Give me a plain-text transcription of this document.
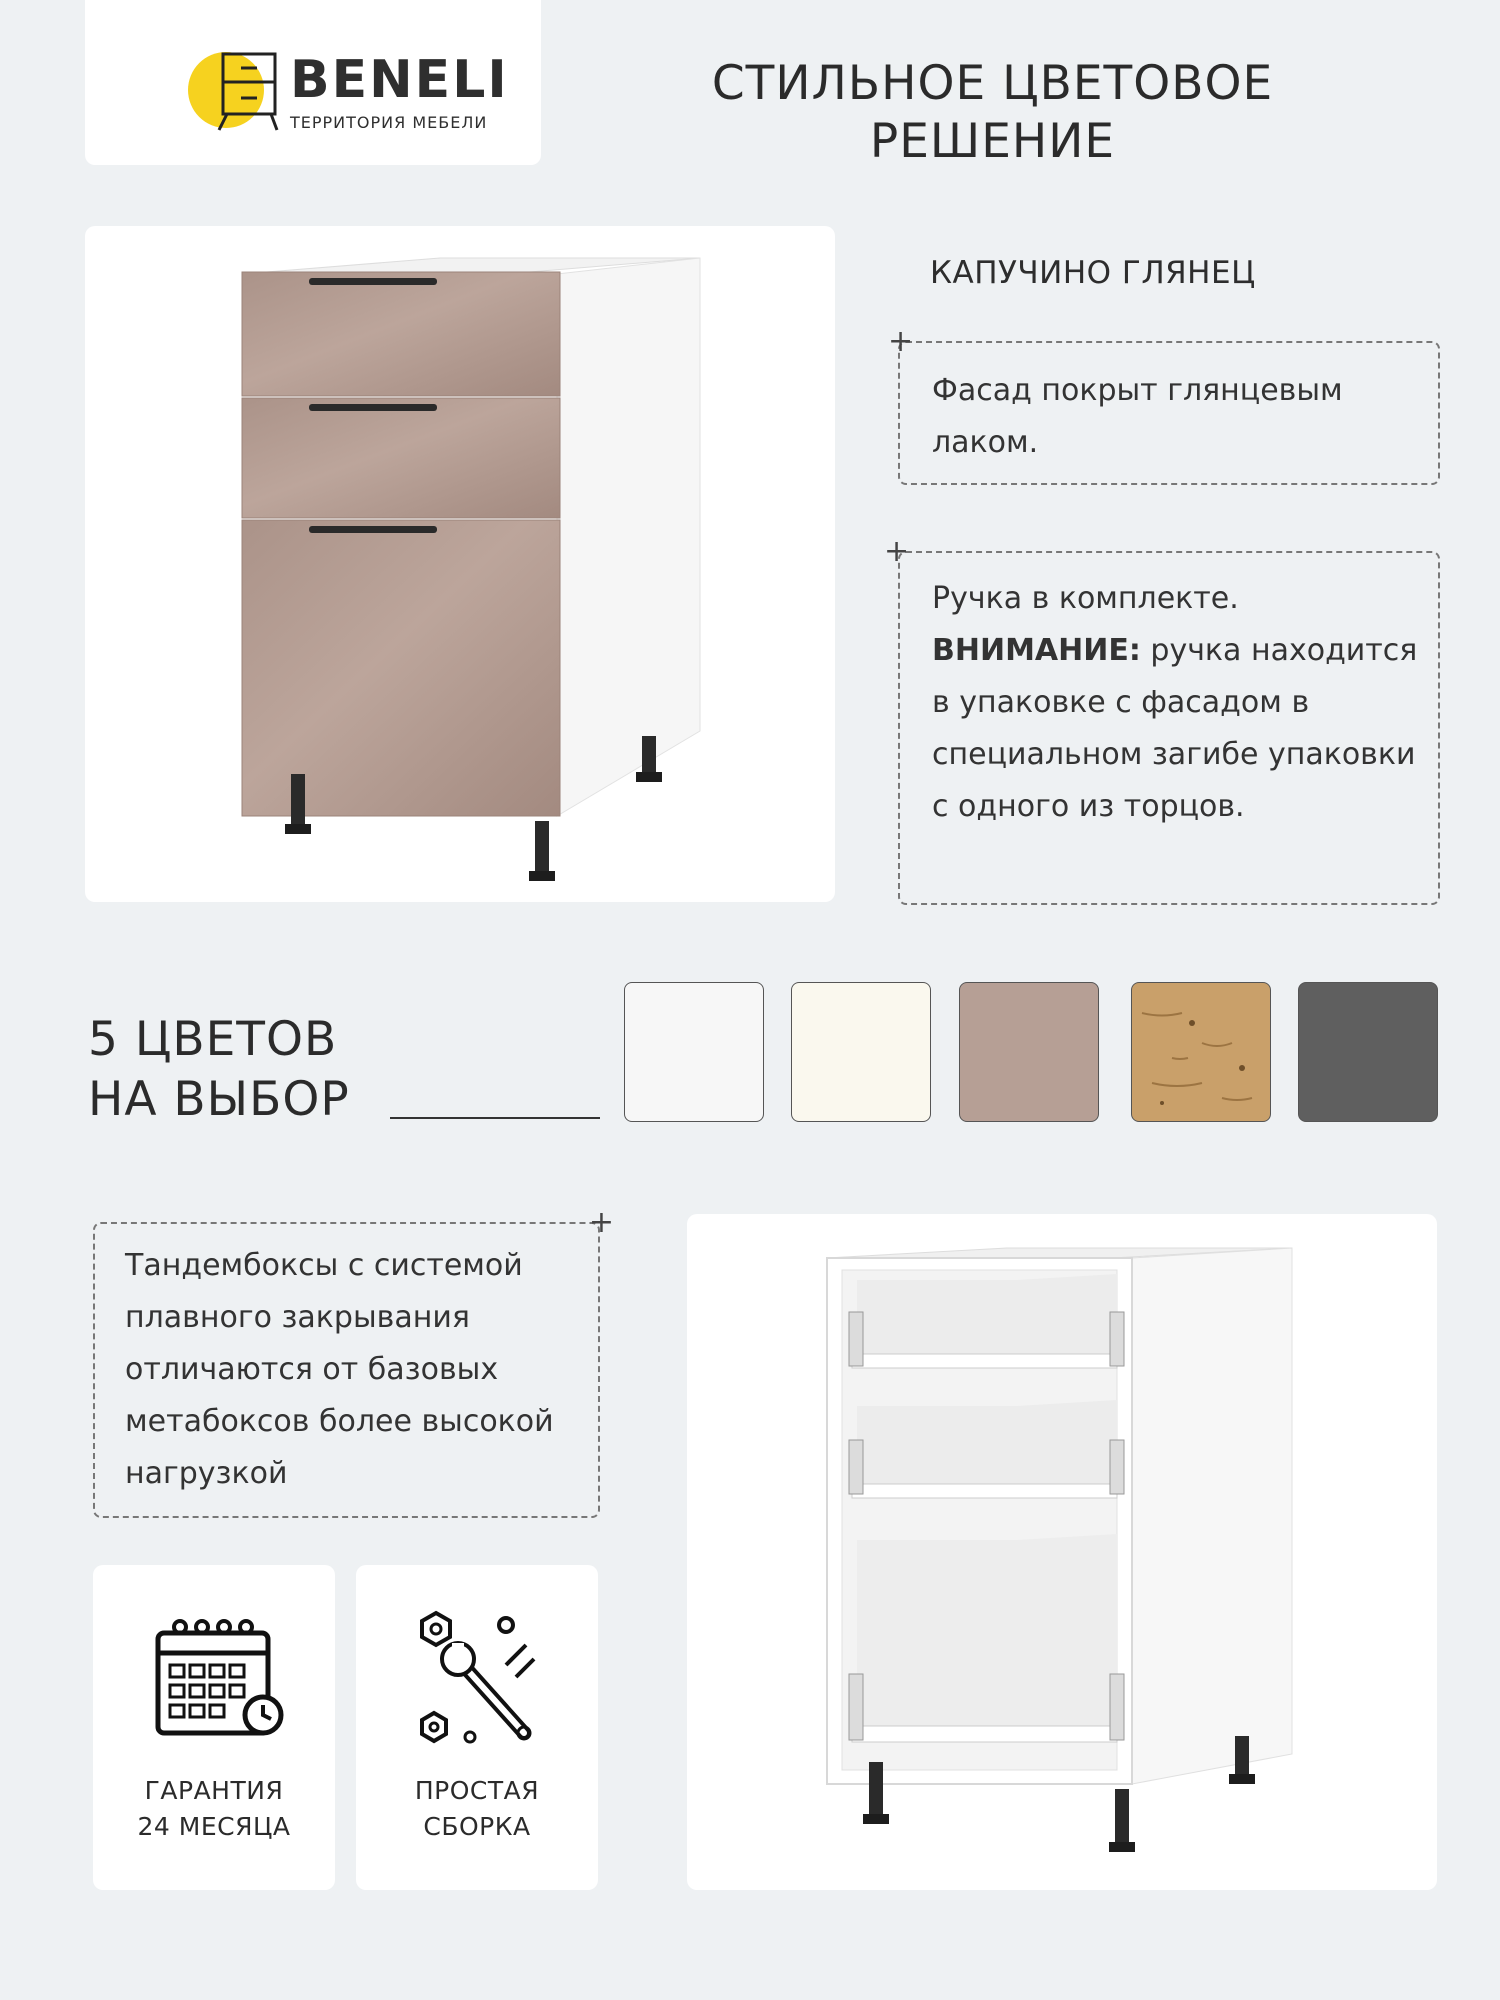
BENELI
ТЕРРИТОРИЯ МЕБЕЛИ
СТИЛЬНОЕ ЦВЕТОВОЕ
РЕШЕНИЕ
КАПУЧИНО ГЛЯНЕЦ
+
Фасад покрыт глянцевым лаком.
+
Ручка в комплекте.
ВНИМАНИЕ: ручка находится в упаковке с фасадом в специальном загибе упаковки с одного из торцов.
5 ЦВЕТОВ
НА ВЫБОР
+
Тандембоксы с системой плавного закрывания отличаются от базовых метабоксов более высокой нагрузкой
ГАРАНТИЯ
24 МЕСЯЦА
ПРОСТАЯ
СБОРКА
